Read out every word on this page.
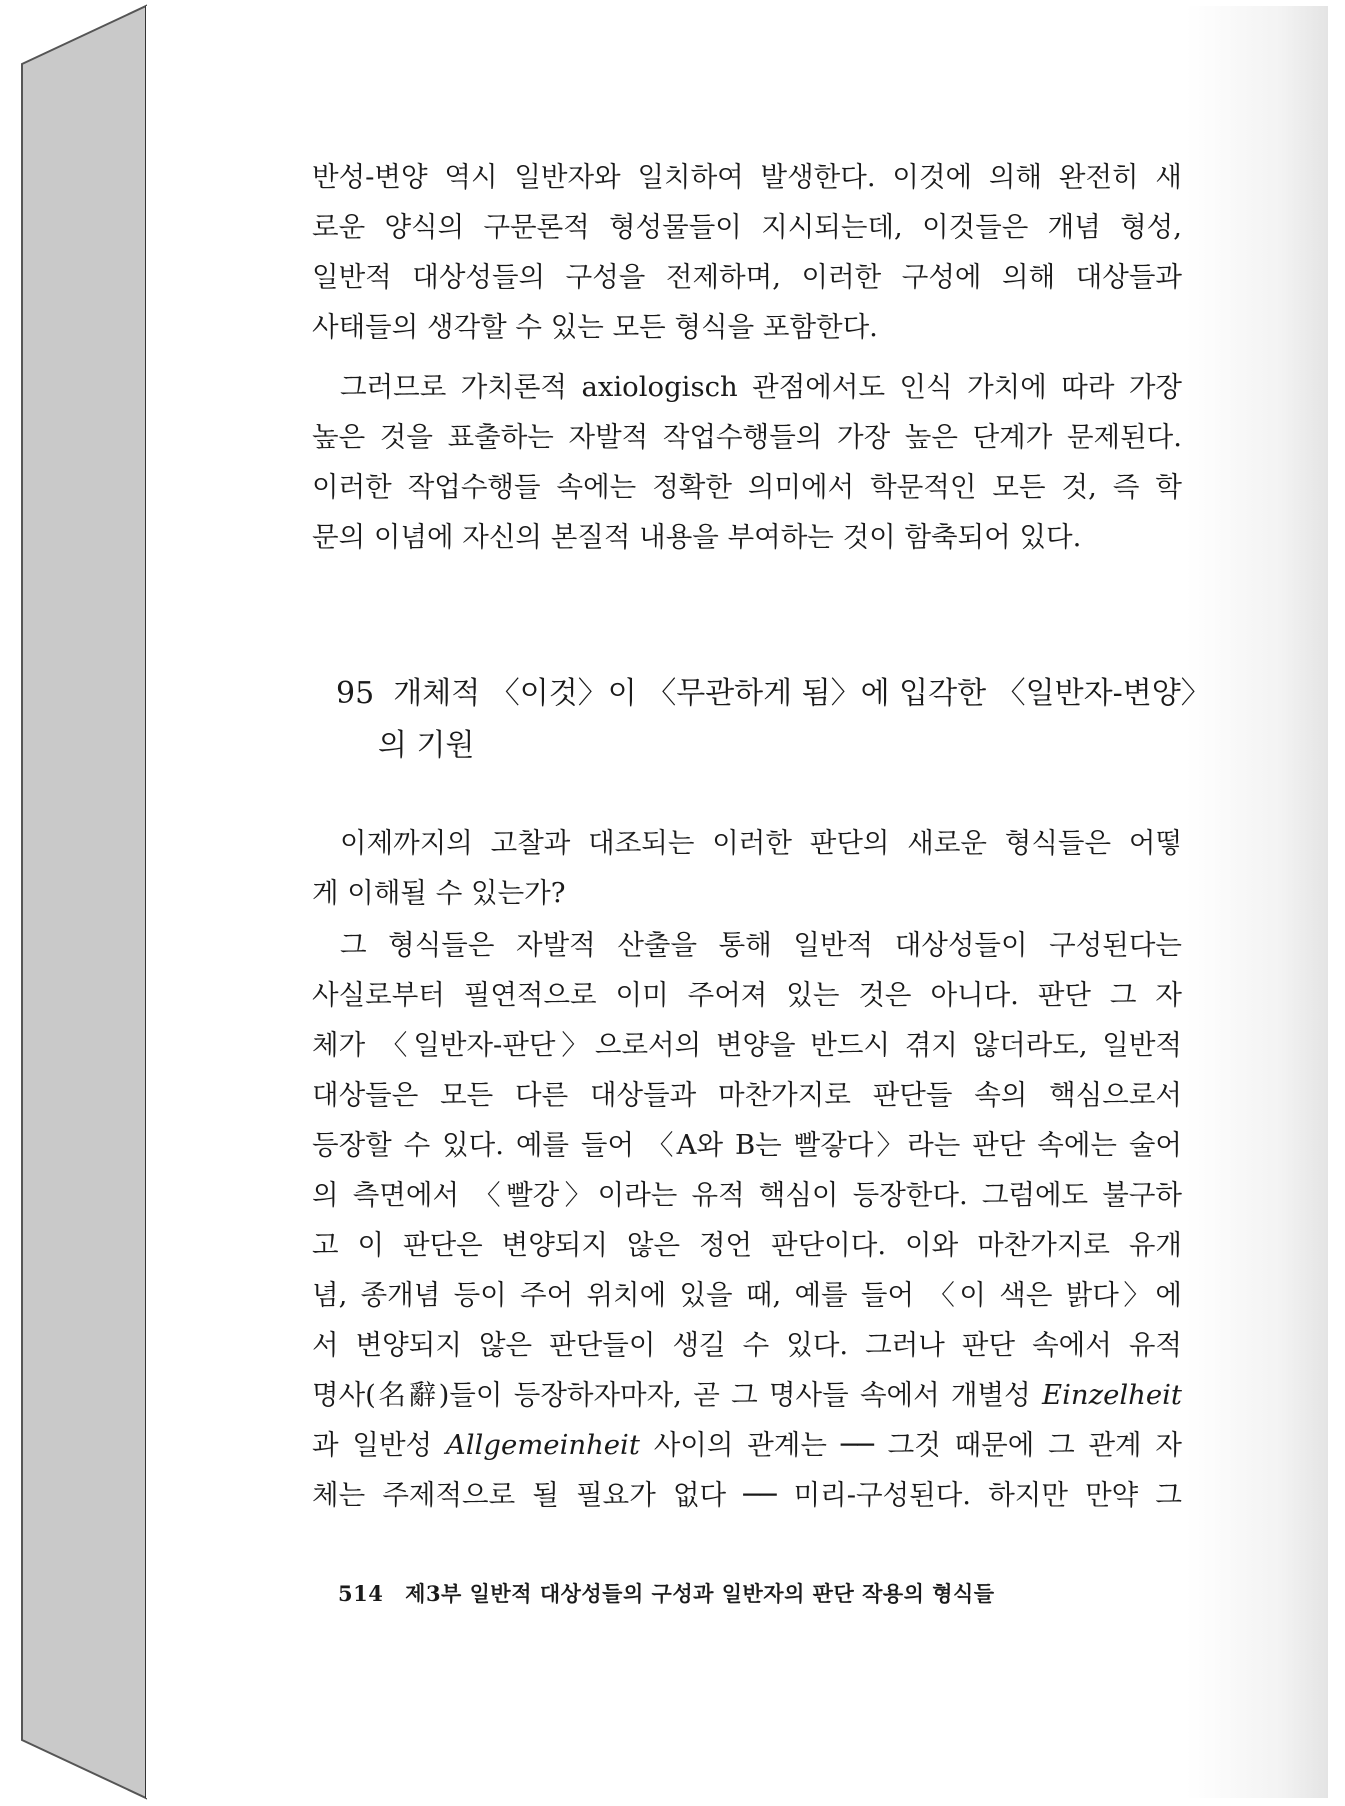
반성-변양 역시 일반자와 일치하여 발생한다. 이것에 의해 완전히 새
로운 양식의 구문론적 형성물들이 지시되는데, 이것들은 개념 형성,
일반적 대상성들의 구성을 전제하며, 이러한 구성에 의해 대상들과
사태들의 생각할 수 있는 모든 형식을 포함한다.
그러므로 가치론적 axiologisch 관점에서도 인식 가치에 따라 가장
높은 것을 표출하는 자발적 작업수행들의 가장 높은 단계가 문제된다.
이러한 작업수행들 속에는 정확한 의미에서 학문적인 모든 것, 즉 학
문의 이념에 자신의 본질적 내용을 부여하는 것이 함축되어 있다.
95 개체적 〈이것〉이 〈무관하게 됨〉에 입각한 〈일반자-변양〉
의 기원
이제까지의 고찰과 대조되는 이러한 판단의 새로운 형식들은 어떻
게 이해될 수 있는가?
그 형식들은 자발적 산출을 통해 일반적 대상성들이 구성된다는
사실로부터 필연적으로 이미 주어져 있는 것은 아니다. 판단 그 자
체가 〈일반자-판단〉으로서의 변양을 반드시 겪지 않더라도, 일반적
대상들은 모든 다른 대상들과 마찬가지로 판단들 속의 핵심으로서
등장할 수 있다. 예를 들어 〈A와 B는 빨갛다〉라는 판단 속에는 술어
의 측면에서 〈빨강〉이라는 유적 핵심이 등장한다. 그럼에도 불구하
고 이 판단은 변양되지 않은 정언 판단이다. 이와 마찬가지로 유개
념, 종개념 등이 주어 위치에 있을 때, 예를 들어 〈이 색은 밝다〉에
서 변양되지 않은 판단들이 생길 수 있다. 그러나 판단 속에서 유적
명사(名辭)들이 등장하자마자, 곧 그 명사들 속에서 개별성 Einzelheit
과 일반성 Allgemeinheit 사이의 관계는 ── 그것 때문에 그 관계 자
체는 주제적으로 될 필요가 없다 ── 미리-구성된다. 하지만 만약 그
514 제3부 일반적 대상성들의 구성과 일반자의 판단 작용의 형식들
